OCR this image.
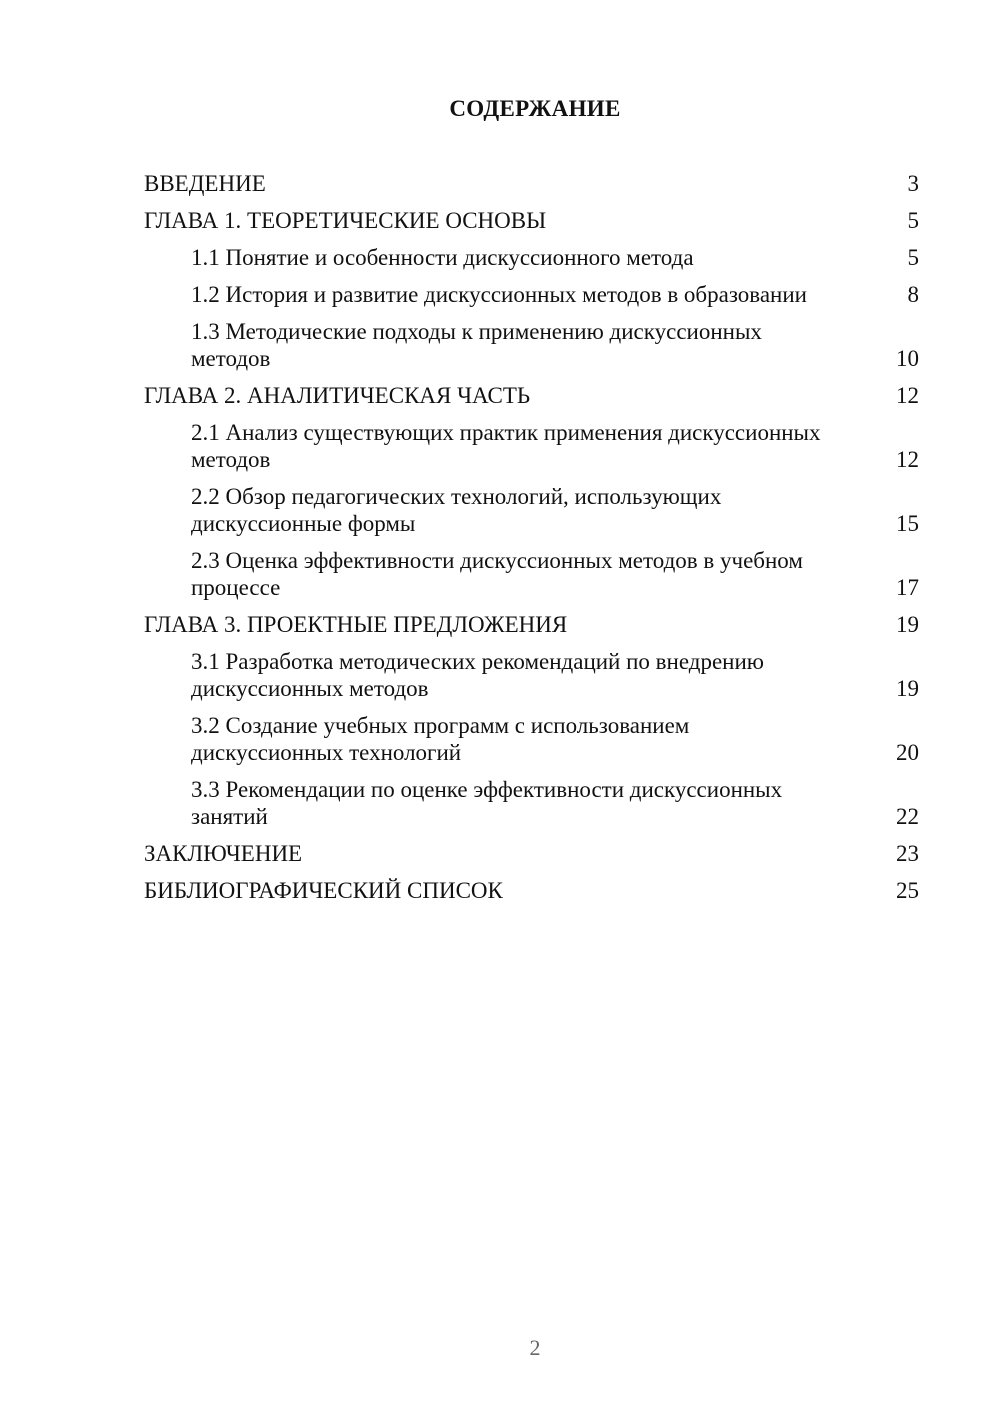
СОДЕРЖАНИЕ
ВВЕДЕНИЕ	3
ГЛАВА 1. ТЕОРЕТИЧЕСКИЕ ОСНОВЫ	5
1.1 Понятие и особенности дискуссионного метода	5
1.2 История и развитие дискуссионных методов в образовании	8
1.3 Методические подходы к применению дискуссионных методов	10
ГЛАВА 2. АНАЛИТИЧЕСКАЯ ЧАСТЬ	12
2.1 Анализ существующих практик применения дискуссионных методов	12
2.2 Обзор педагогических технологий, использующих дискуссионные формы	15
2.3 Оценка эффективности дискуссионных методов в учебном процессе	17
ГЛАВА 3. ПРОЕКТНЫЕ ПРЕДЛОЖЕНИЯ	19
3.1 Разработка методических рекомендаций по внедрению дискуссионных методов	19
3.2 Создание учебных программ с использованием дискуссионных технологий	20
3.3 Рекомендации по оценке эффективности дискуссионных занятий	22
ЗАКЛЮЧЕНИЕ	23
БИБЛИОГРАФИЧЕСКИЙ СПИСОК	25
2
